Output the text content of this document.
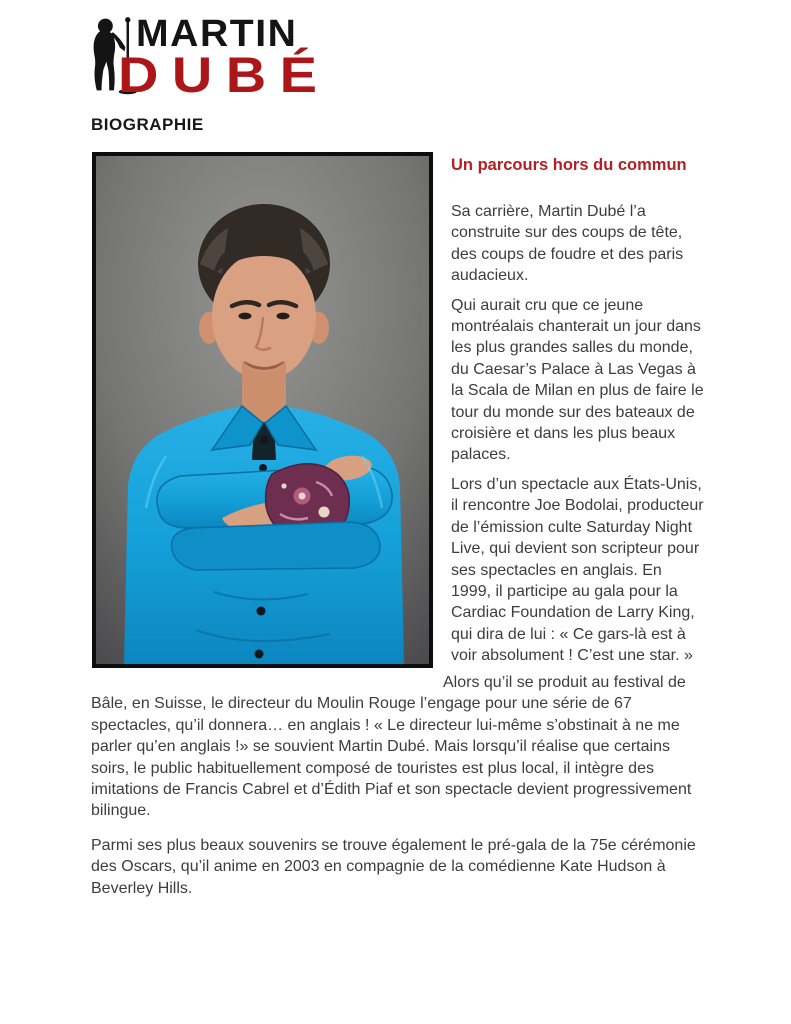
MARTIN
DUBÉ
BIOGRAPHIE
Un parcours hors du commun

Sa carrière, Martin Dubé l’a construite sur des coups de tête, des coups de foudre et des paris audacieux.

Qui aurait cru que ce jeune montréalais chanterait un jour dans les plus grandes salles du monde, du Caesar’s Palace à Las Vegas à la Scala de Milan en plus de faire le tour du monde sur des bateaux de croisière et dans les plus beaux palaces.

Lors d’un spectacle aux États-Unis, il rencontre Joe Bodolai, producteur de l’émission culte Saturday Night Live, qui devient son scripteur pour ses spectacles en anglais. En 1999, il participe au gala pour la Cardiac Foundation de Larry King, qui dira de lui : « Ce gars-là est à voir absolument ! C’est une star. »

Alors qu’il se produit au festival de Bâle, en Suisse, le directeur du Moulin Rouge l’engage pour une série de 67 spectacles, qu’il donnera… en anglais ! « Le directeur lui-même s’obstinait à ne me parler qu’en anglais !» se souvient Martin Dubé. Mais lorsqu’il réalise que certains soirs, le public habituellement composé de touristes est plus local, il intègre des imitations de Francis Cabrel et d’Édith Piaf et son spectacle devient progressivement bilingue.

Parmi ses plus beaux souvenirs se trouve également le pré-gala de la 75e cérémonie des Oscars, qu’il anime en 2003 en compagnie de la comédienne Kate Hudson à Beverley Hills.
